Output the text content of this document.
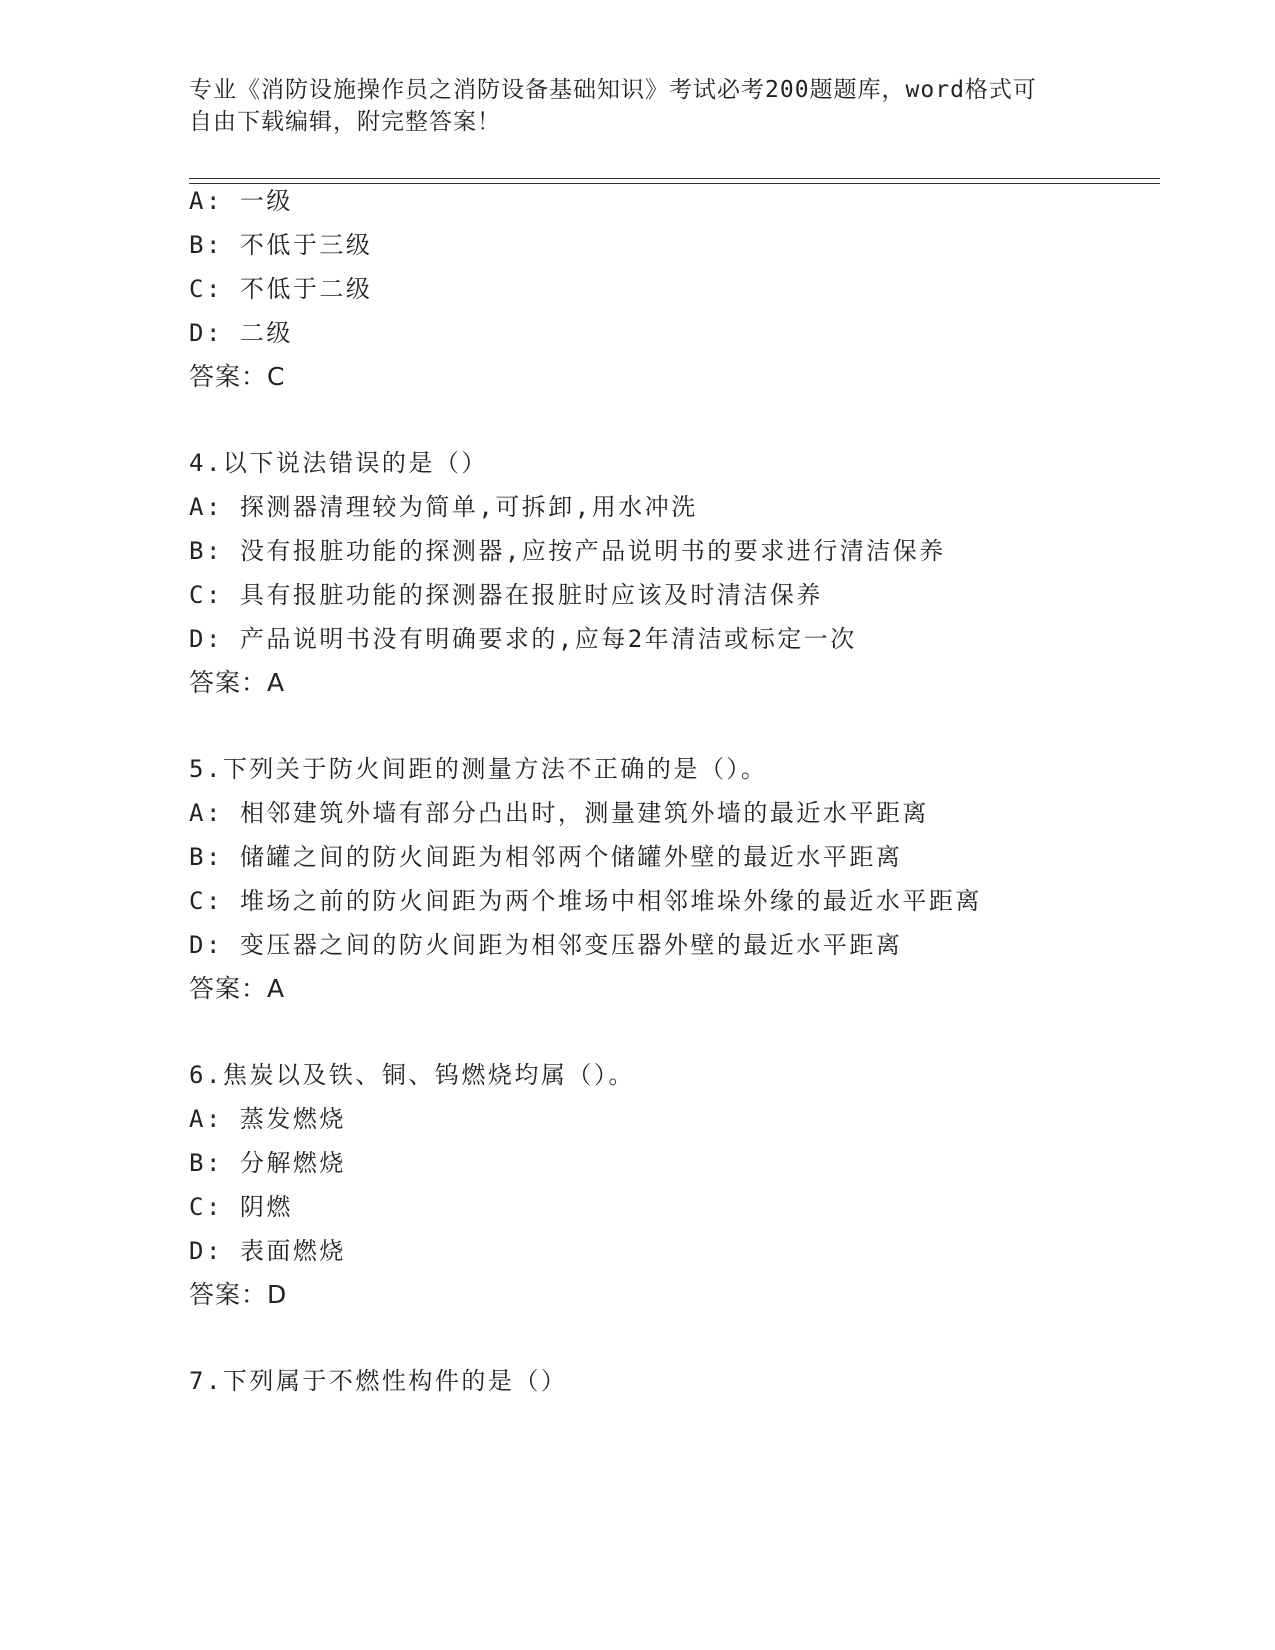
专业《消防设施操作员之消防设备基础知识》考试必考200题题库，word格式可
自由下载编辑，附完整答案！
A: 一级
B: 不低于三级
C: 不低于二级
D: 二级
答案：C
4.以下说法错误的是（）
A: 探测器清理较为简单,可拆卸,用水冲洗
B: 没有报脏功能的探测器,应按产品说明书的要求进行清洁保养
C: 具有报脏功能的探测器在报脏时应该及时清洁保养
D: 产品说明书没有明确要求的,应每2年清洁或标定一次
答案：A
5.下列关于防火间距的测量方法不正确的是（）。
A: 相邻建筑外墙有部分凸出时，测量建筑外墙的最近水平距离
B: 储罐之间的防火间距为相邻两个储罐外壁的最近水平距离
C: 堆场之前的防火间距为两个堆场中相邻堆垛外缘的最近水平距离
D: 变压器之间的防火间距为相邻变压器外壁的最近水平距离
答案：A
6.焦炭以及铁、铜、钨燃烧均属（）。
A: 蒸发燃烧
B: 分解燃烧
C: 阴燃
D: 表面燃烧
答案：D
7.下列属于不燃性构件的是（）
